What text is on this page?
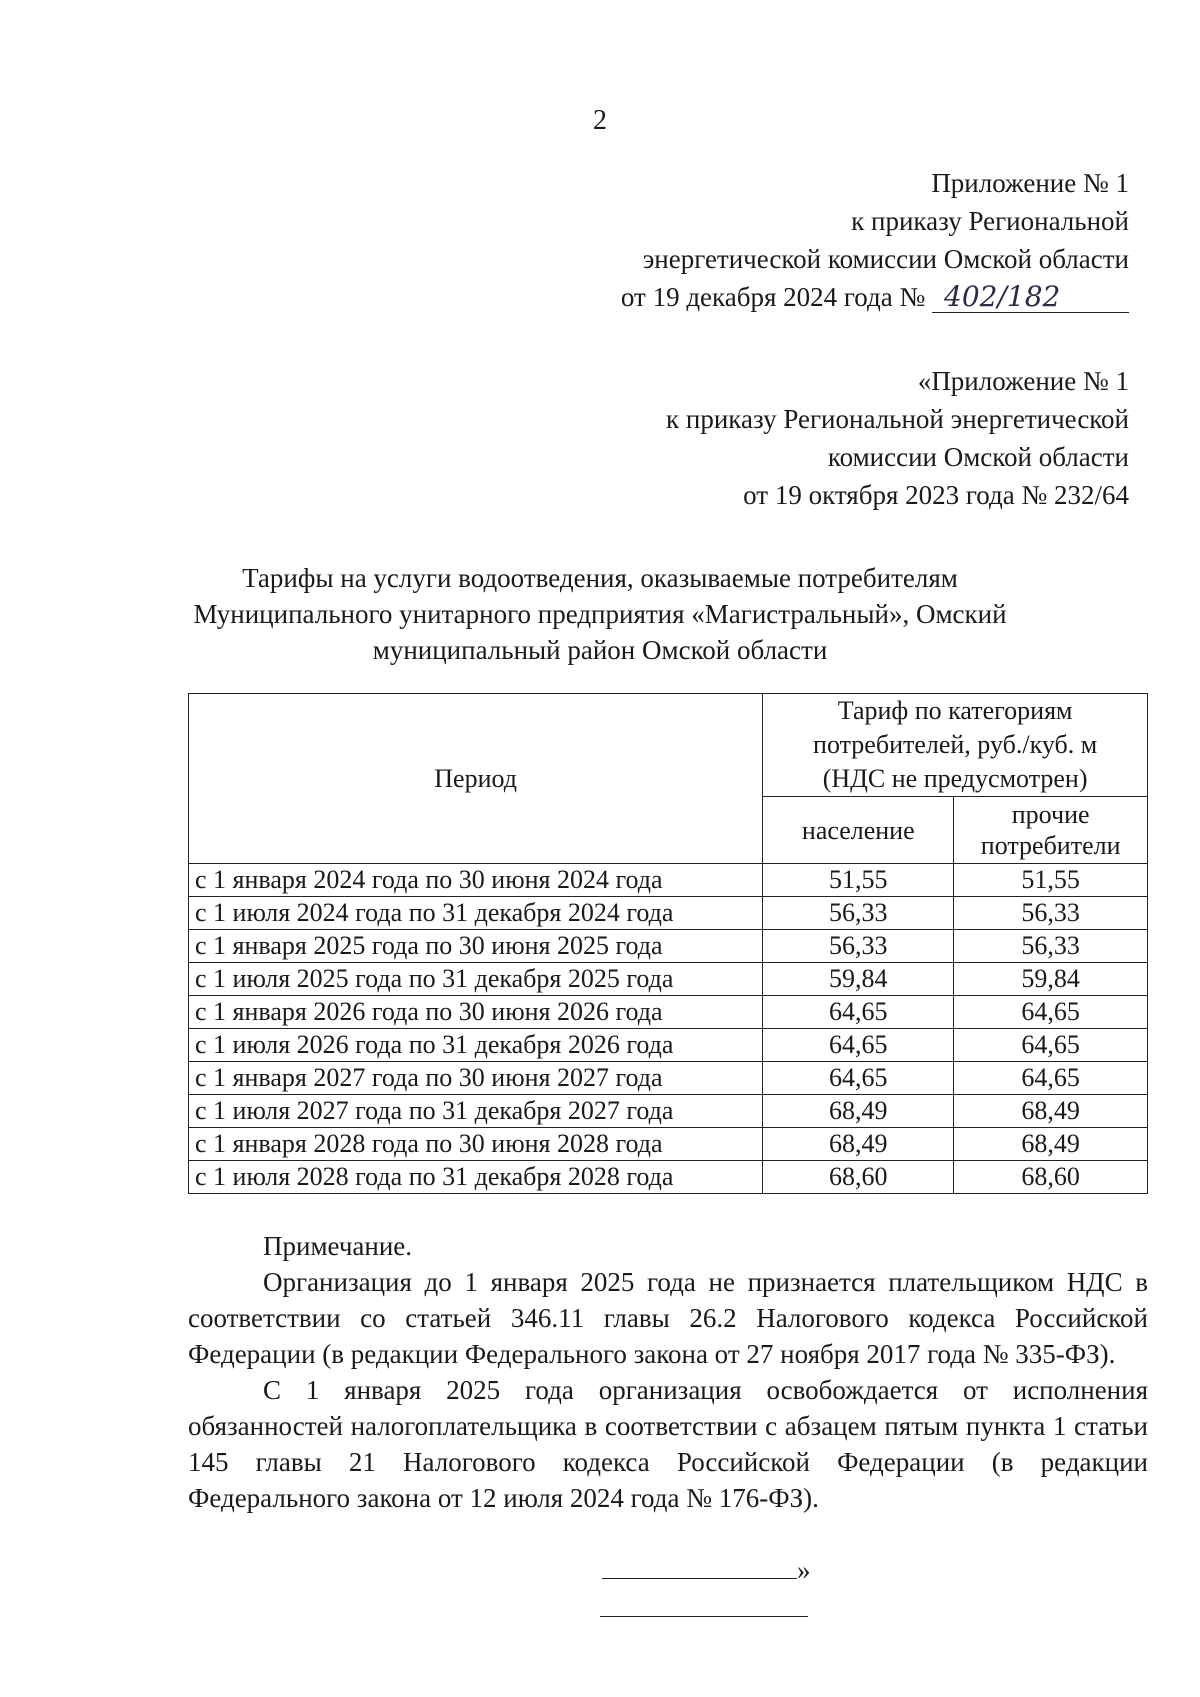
2
Приложение № 1
к приказу Региональной
энергетической комиссии Омской области
от 19 декабря 2024 года № 402/182
«Приложение № 1
к приказу Региональной энергетической
комиссии Омской области
от 19 октября 2023 года № 232/64
Тарифы на услуги водоотведения, оказываемые потребителям
Муниципального унитарного предприятия «Магистральный», Омский
муниципальный район Омской области
Период	Тариф по категориям
потребителей, руб./куб. м
(НДС не предусмотрен)	

	население	прочие
потребители

с 1 января 2024 года по 30 июня 2024 года	51,55	51,55
с 1 июля 2024 года по 31 декабря 2024 года	56,33	56,33
с 1 января 2025 года по 30 июня 2025 года	56,33	56,33
с 1 июля 2025 года по 31 декабря 2025 года	59,84	59,84
с 1 января 2026 года по 30 июня 2026 года	64,65	64,65
с 1 июля 2026 года по 31 декабря 2026 года	64,65	64,65
с 1 января 2027 года по 30 июня 2027 года	64,65	64,65
с 1 июля 2027 года по 31 декабря 2027 года	68,49	68,49
с 1 января 2028 года по 30 июня 2028 года	68,49	68,49
с 1 июля 2028 года по 31 декабря 2028 года	68,60	68,60
Примечание.

Организация до 1 января 2025 года не признается плательщиком НДС в соответствии со статьей 346.11 главы 26.2 Налогового кодекса Российской Федерации (в редакции Федерального закона от 27 ноября 2017 года № 335-ФЗ).

С 1 января 2025 года организация освобождается от исполнения обязанностей налогоплательщика в соответствии с абзацем пятым пункта 1 статьи 145 главы 21 Налогового кодекса Российской Федерации (в редакции Федерального закона от 12 июля 2024 года № 176-ФЗ).

»
